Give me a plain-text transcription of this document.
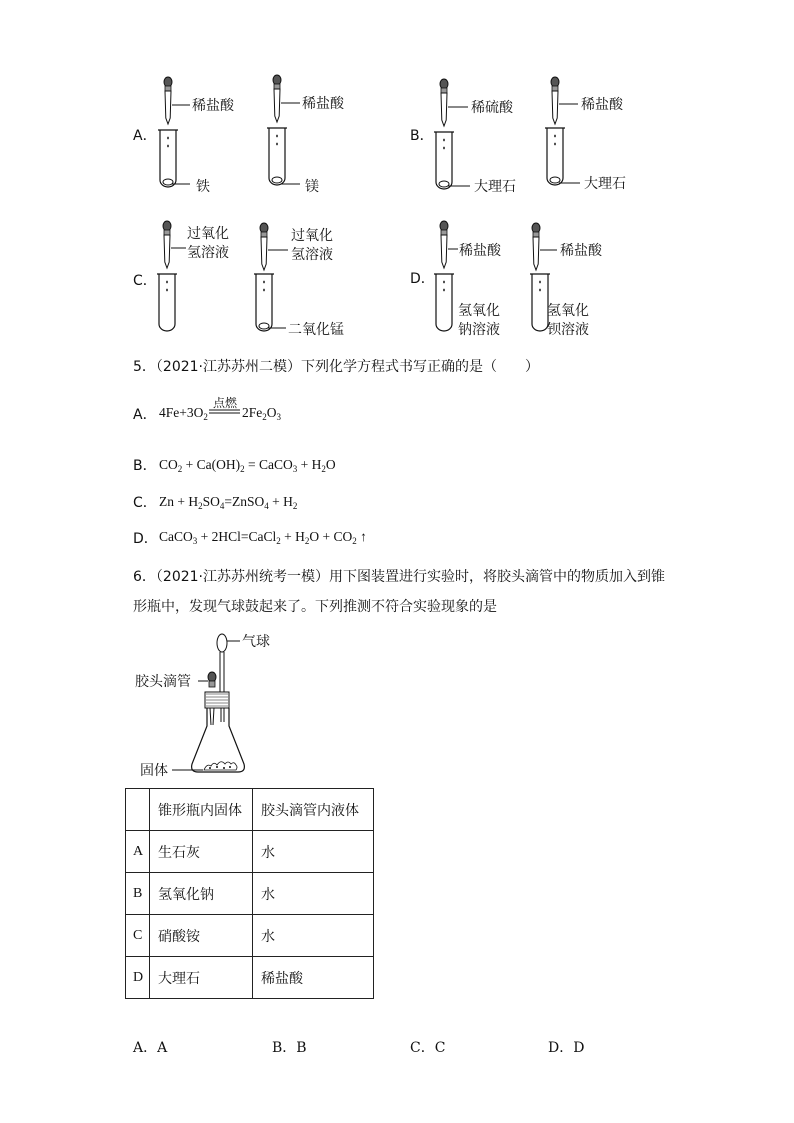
A．
稀盐酸	稀盐酸
铁	镁
B．
稀硫酸	稀盐酸
大理石	大理石
C．
过氧化
氢溶液
过氧化
氢溶液
二氧化锰
D．
稀盐酸	稀盐酸
氢氧化
钠溶液
氢氧化
钡溶液
5．（2021·江苏苏州二模）下列化学方程式书写正确的是（　　）
A． $4Fe+3O_2$
点燃
$2Fe_2O_3$
B． $CO_2 + Ca(OH)_2$ = CaCO$_3$ + $H_2O$
C． $Zn + H_2SO_4=ZnSO_4 + H_2$
D． CaCO$_3$ + 2HCl=CaCl$_2$ + $H_2O + CO_2$ ↑
6．（2021·江苏苏州统考一模）用下图装置进行实验时，将胶头滴管中的物质加入到锥
形瓶中，发现气球鼓起来了。下列推测不符合实验现象的是
气球
胶头滴管
固体
	锥形瓶内固体	胶头滴管内液体
A	生石灰	水
B	氢氧化钠	水
C	硝酸铵	水
D	大理石	稀盐酸
A．A	B．B	C．C	D．D
